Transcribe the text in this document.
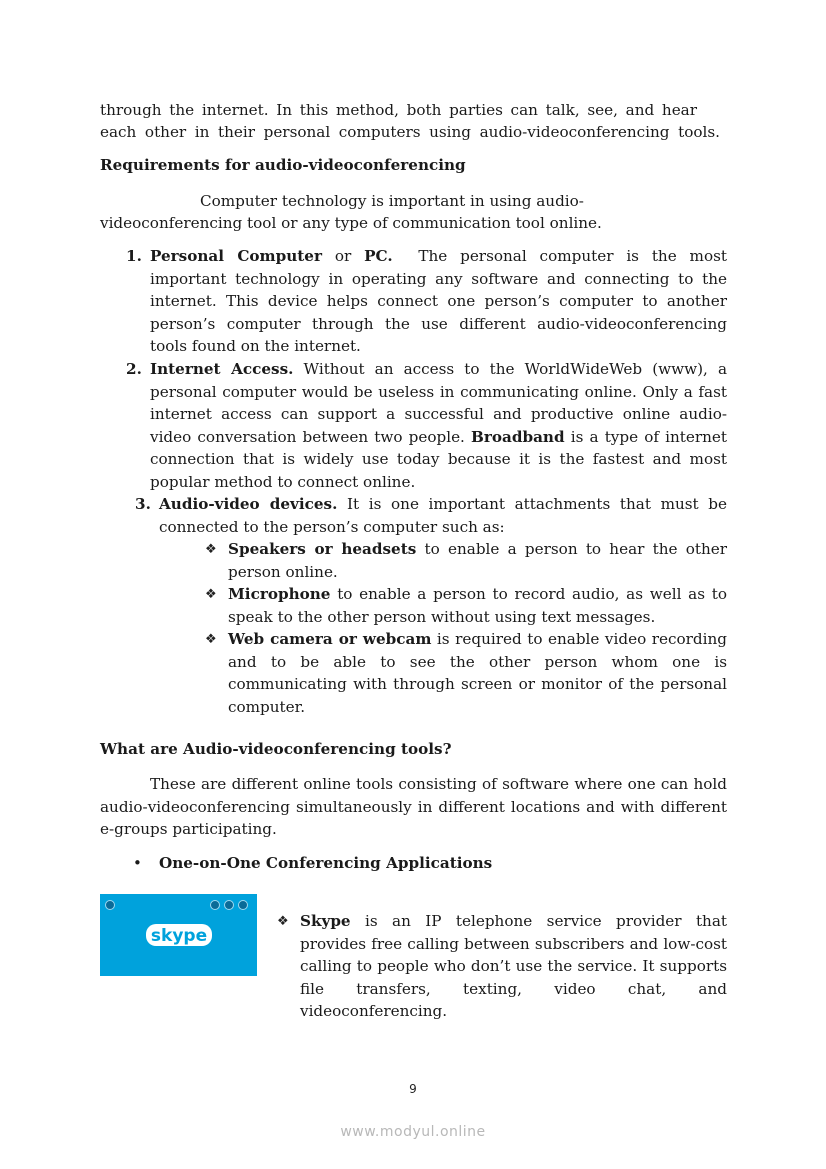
through the internet. In this method, both parties can talk, see, and hear
each other in their personal computers using audio-videoconferencing tools.
Requirements for audio-videoconferencing
Computer technology is important in using audio-
videoconferencing tool or any type of communication tool online.
1. Personal Computer or PC. The personal computer is the most important technology in operating any software and connecting to the internet. This device helps connect one person’s computer to another person’s computer through the use different audio-videoconferencing tools found on the internet.
2. Internet Access. Without an access to the WorldWideWeb (www), a personal computer would be useless in communicating online. Only a fast internet access can support a successful and productive online audio-video conversation between two people. Broadband is a type of internet connection that is widely use today because it is the fastest and most popular method to connect online.
3. Audio-video devices. It is one important attachments that must be connected to the person’s computer such as:
❖ Speakers or headsets to enable a person to hear the other person online.
❖ Microphone to enable a person to record audio, as well as to speak to the other person without using text messages.
❖ Web camera or webcam is required to enable video recording and to be able to see the other person whom one is communicating with through screen or monitor of the personal computer.
What are Audio-videoconferencing tools?
These are different online tools consisting of software where one can hold audio-videoconferencing simultaneously in different locations and with different e-groups participating.
• One-on-One Conferencing Applications
skype
❖ Skype is an IP telephone service provider that provides free calling between subscribers and low-cost calling to people who don’t use the service. It supports file transfers, texting, video chat, and videoconferencing.
9
www.modyul.online
